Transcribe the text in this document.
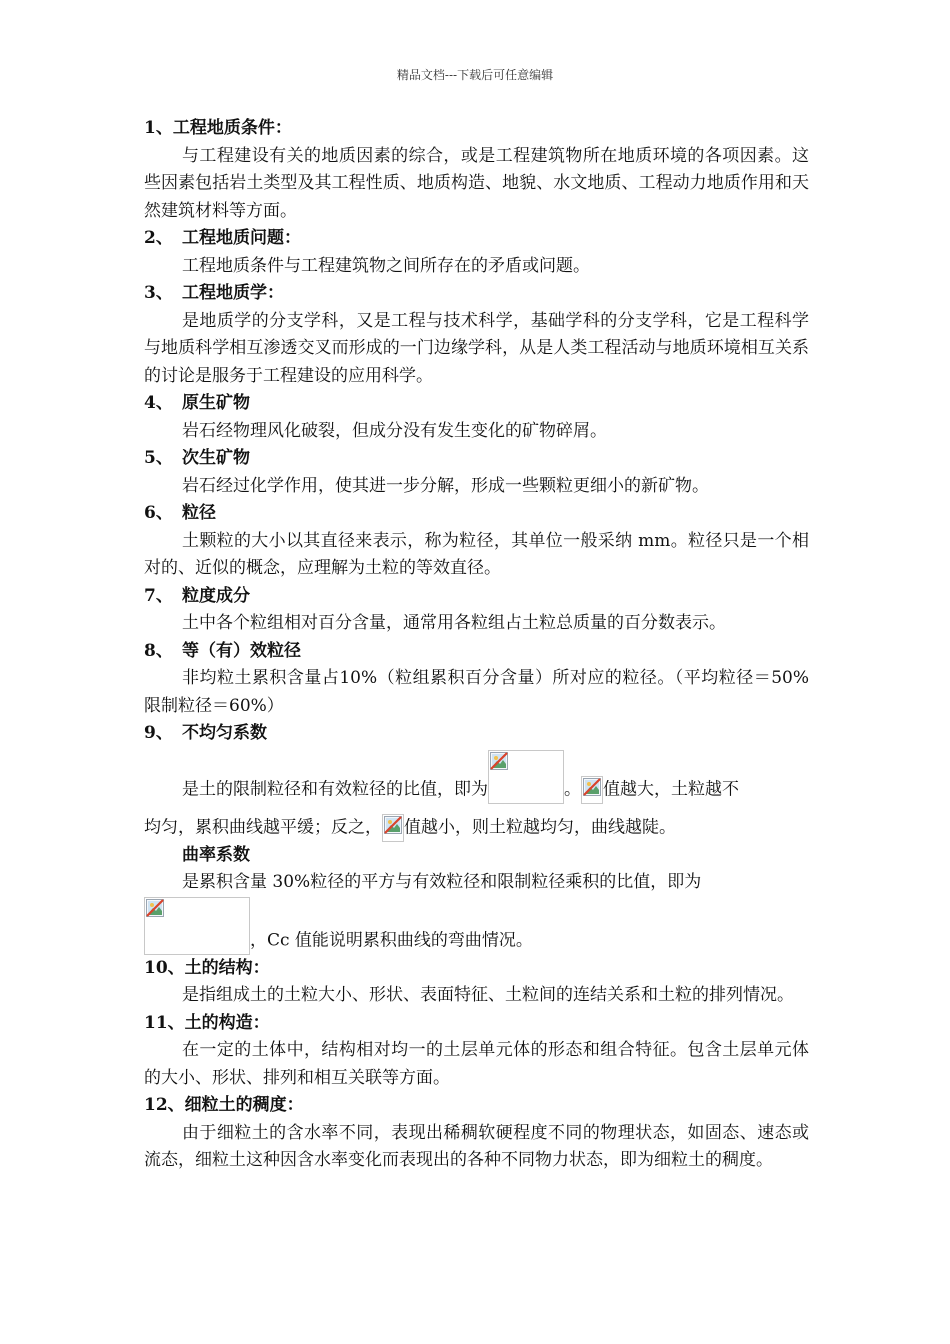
精品文档---下载后可任意编辑

1、工程地质条件：

与工程建设有关的地质因素的综合，或是工程建筑物所在地质环境的各项因素。这些因素包括岩土类型及其工程性质、地质构造、地貌、水文地质、工程动力地质作用和天然建筑材料等方面。

2、 工程地质问题：

工程地质条件与工程建筑物之间所存在的矛盾或问题。

3、 工程地质学：

是地质学的分支学科，又是工程与技术科学，基础学科的分支学科，它是工程科学与地质科学相互渗透交叉而形成的一门边缘学科，从是人类工程活动与地质环境相互关系的讨论是服务于工程建设的应用科学。

4、 原生矿物

岩石经物理风化破裂，但成分没有发生变化的矿物碎屑。

5、 次生矿物

岩石经过化学作用，使其进一步分解，形成一些颗粒更细小的新矿物。

6、 粒径

土颗粒的大小以其直径来表示，称为粒径，其单位一般采纳 mm。粒径只是一个相对的、近似的概念，应理解为土粒的等效直径。

7、 粒度成分

土中各个粒组相对百分含量，通常用各粒组占土粒总质量的百分数表示。

8、 等（有）效粒径

非均粒土累积含量占10%（粒组累积百分含量）所对应的粒径。（平均粒径＝50%限制粒径＝60%）

9、 不均匀系数

是土的限制粒径和有效粒径的比值，即为	。 值越大，土粒越不

均匀，累积曲线越平缓；反之， 值越小，则土粒越均匀，曲线越陡。

曲率系数

是累积含量 30%粒径的平方与有效粒径和限制粒径乘积的比值，即为

，Cc 值能说明累积曲线的弯曲情况。

10、土的结构：

是指组成土的土粒大小、形状、表面特征、土粒间的连结关系和土粒的排列情况。

11、土的构造：

在一定的土体中，结构相对均一的土层单元体的形态和组合特征。包含土层单元体的大小、形状、排列和相互关联等方面。

12、细粒土的稠度：

由于细粒土的含水率不同，表现出稀稠软硬程度不同的物理状态，如固态、速态或流态，细粒土这种因含水率变化而表现出的各种不同物力状态，即为细粒土的稠度。
